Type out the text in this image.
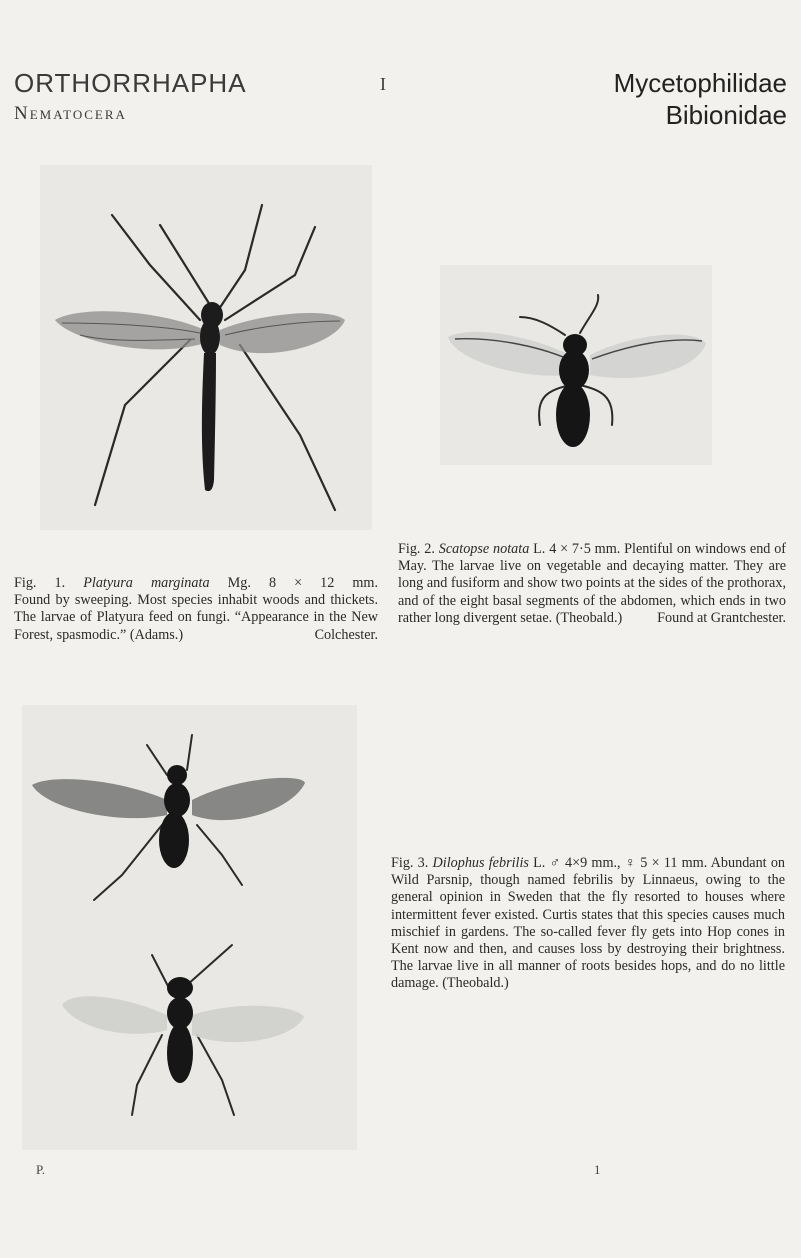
ORTHORRHAPHA
Nematocera
I	Mycetophilidae
Bibionidae
Fig. 1. Platyura marginata Mg. 8 × 12 mm.
Found by sweeping. Most species inhabit woods and thickets. The larvae of Platyura feed on fungi. “Appearance in the New Forest, spasmodic.” (Adams.)	Colchester.
Fig. 2. Scatopse notata L. 4 × 7·5 mm. Plentiful on windows end of May. The larvae live on vegetable and decaying matter. They are long and fusiform and show two points at the sides of the prothorax, and of the eight basal segments of the abdomen, which ends in two rather long divergent setae. (Theobald.) Found at Grantchester.
Fig. 3. Dilophus febrilis L. ♂ 4×9 mm., ♀ 5 × 11 mm. Abundant on Wild Parsnip, though named febrilis by Linnaeus, owing to the general opinion in Sweden that the fly resorted to houses where intermittent fever existed. Curtis states that this species causes much mischief in gardens. The so-called fever fly gets into Hop cones in Kent now and then, and causes loss by destroying their brightness. The larvae live in all manner of roots besides hops, and do no little damage. (Theobald.)
P.	1
